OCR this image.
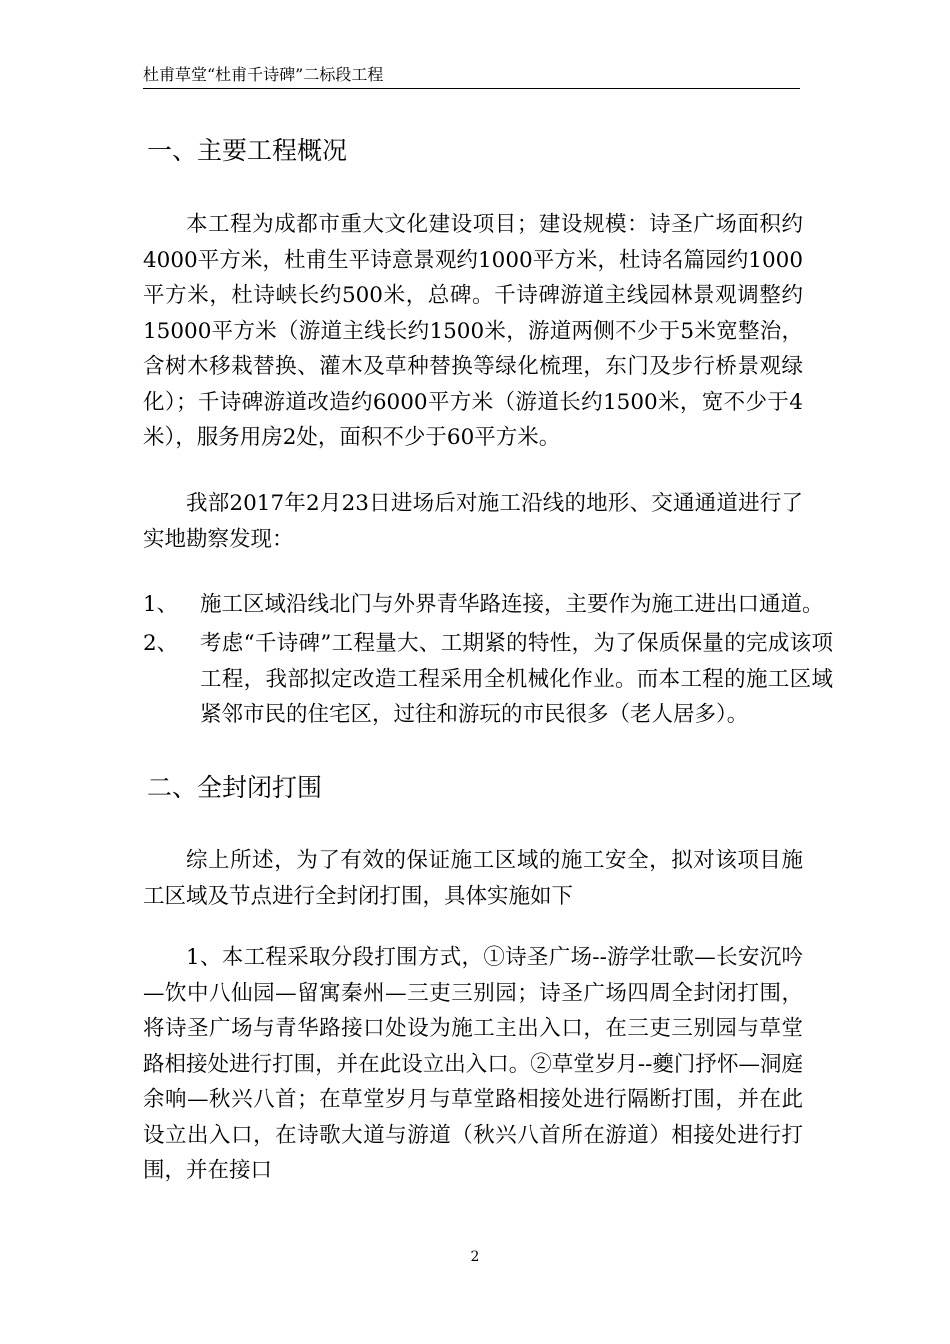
杜甫草堂“杜甫千诗碑”二标段工程
一、主要工程概况
本工程为成都市重大文化建设项目；建设规模：诗圣广场面积约4000平方米，杜甫生平诗意景观约1000平方米，杜诗名篇园约1000平方米，杜诗峡长约500米，总碑。千诗碑游道主线园林景观调整约15000平方米（游道主线长约1500米，游道两侧不少于5米宽整治，含树木移栽替换、灌木及草种替换等绿化梳理，东门及步行桥景观绿化）；千诗碑游道改造约6000平方米（游道长约1500米，宽不少于4米），服务用房2处，面积不少于60平方米。
我部2017年2月23日进场后对施工沿线的地形、交通通道进行了实地勘察发现：
1、 施工区域沿线北门与外界青华路连接，主要作为施工进出口通道。
2、 考虑“千诗碑”工程量大、工期紧的特性，为了保质保量的完成该项工程，我部拟定改造工程采用全机械化作业。而本工程的施工区域紧邻市民的住宅区，过往和游玩的市民很多（老人居多）。
二、全封闭打围
综上所述，为了有效的保证施工区域的施工安全，拟对该项目施工区域及节点进行全封闭打围，具体实施如下
1、本工程采取分段打围方式，①诗圣广场--游学壮歌—长安沉吟—饮中八仙园—留寓秦州—三吏三别园；诗圣广场四周全封闭打围，将诗圣广场与青华路接口处设为施工主出入口，在三吏三别园与草堂路相接处进行打围，并在此设立出入口。②草堂岁月--夔门抒怀—洞庭余响—秋兴八首；在草堂岁月与草堂路相接处进行隔断打围，并在此设立出入口，在诗歌大道与游道（秋兴八首所在游道）相接处进行打围，并在接口
2
